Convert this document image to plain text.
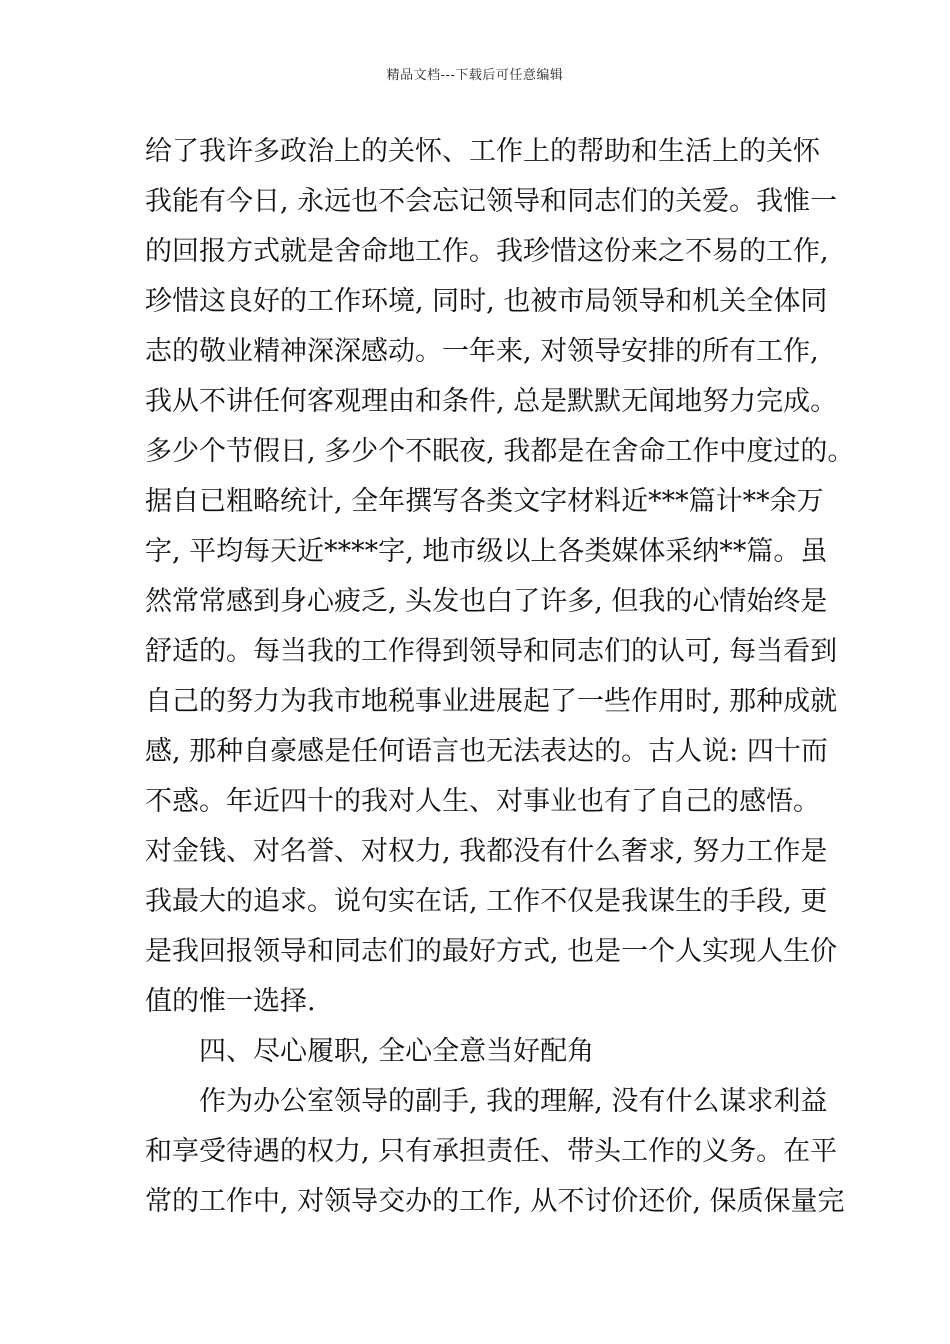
精品文档---下载后可任意编辑
给了我许多政治上的关怀、工作上的帮助和生活上的关怀
我能有今日, 永远也不会忘记领导和同志们的关爱。我惟一
的回报方式就是舍命地工作。我珍惜这份来之不易的工作,
珍惜这良好的工作环境, 同时, 也被市局领导和机关全体同
志的敬业精神深深感动。一年来, 对领导安排的所有工作,
我从不讲任何客观理由和条件, 总是默默无闻地努力完成。
多少个节假日, 多少个不眠夜, 我都是在舍命工作中度过的。
据自已粗略统计, 全年撰写各类文字材料近***篇计**余万
字, 平均每天近****字, 地市级以上各类媒体采纳**篇。虽
然常常感到身心疲乏, 头发也白了许多, 但我的心情始终是
舒适的。每当我的工作得到领导和同志们的认可, 每当看到
自己的努力为我市地税事业进展起了一些作用时, 那种成就
感, 那种自豪感是任何语言也无法表达的。古人说: 四十而
不惑。年近四十的我对人生、对事业也有了自己的感悟。
对金钱、对名誉、对权力, 我都没有什么奢求, 努力工作是
我最大的追求。说句实在话, 工作不仅是我谋生的手段, 更
是我回报领导和同志们的最好方式, 也是一个人实现人生价
值的惟一选择.
四、尽心履职, 全心全意当好配角
作为办公室领导的副手, 我的理解, 没有什么谋求利益
和享受待遇的权力, 只有承担责任、带头工作的义务。在平
常的工作中, 对领导交办的工作, 从不讨价还价, 保质保量完
